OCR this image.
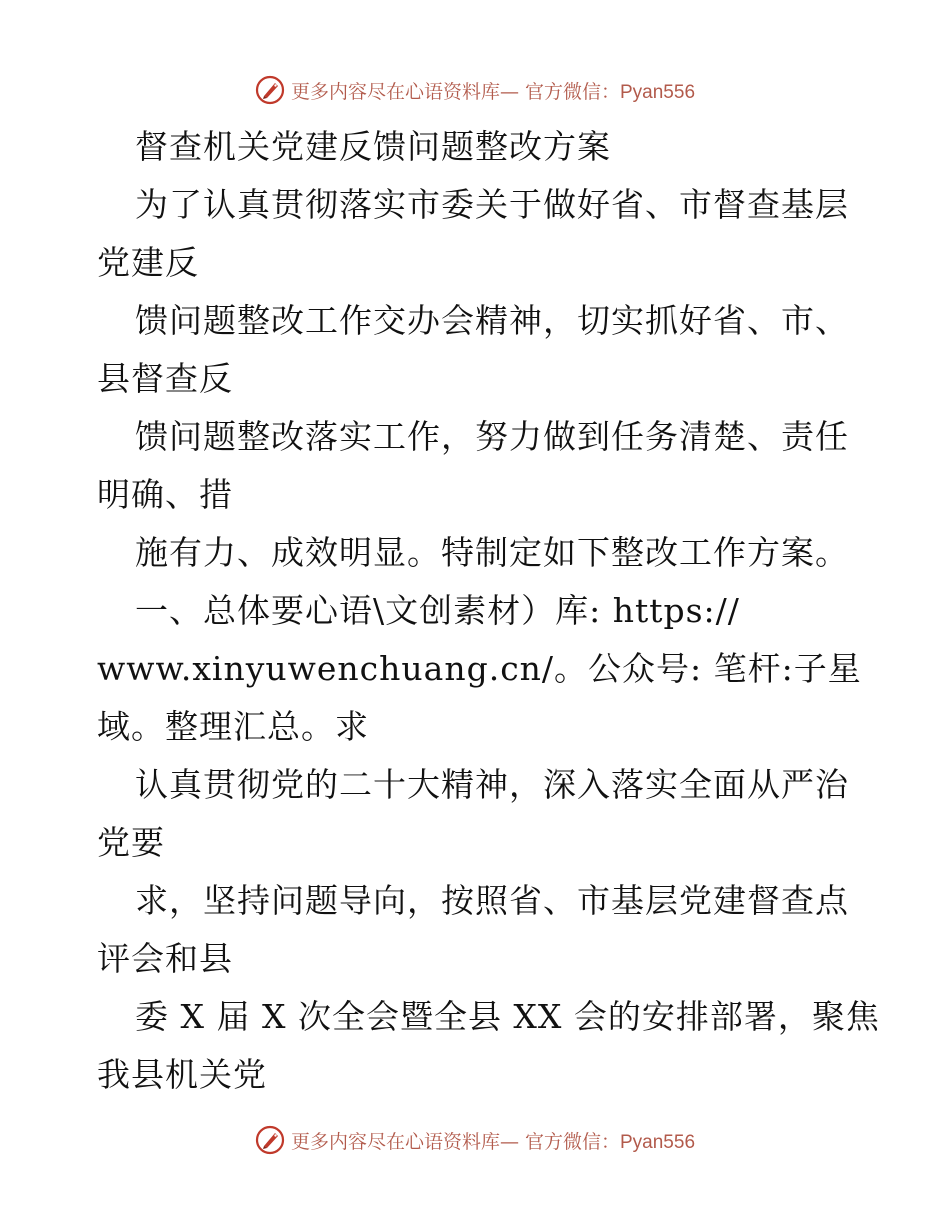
更多内容尽在心语资料库— 官方微信：Pyan556
督查机关党建反馈问题整改方案
为了认真贯彻落实市委关于做好省、市督查基层
党建反
馈问题整改工作交办会精神，切实抓好省、市、
县督查反
馈问题整改落实工作，努力做到任务清楚、责任
明确、措
施有力、成效明显。特制定如下整改工作方案。
一、总体要心语\文创素材）库: https://
www.xinyuwenchuang.cn/。公众号: 笔杆:子星
域。整理汇总。求
认真贯彻党的二十大精神，深入落实全面从严治
党要
求，坚持问题导向，按照省、市基层党建督查点
评会和县
委 X 届 X 次全会暨全县 XX 会的安排部署，聚焦
我县机关党
更多内容尽在心语资料库— 官方微信：Pyan556
